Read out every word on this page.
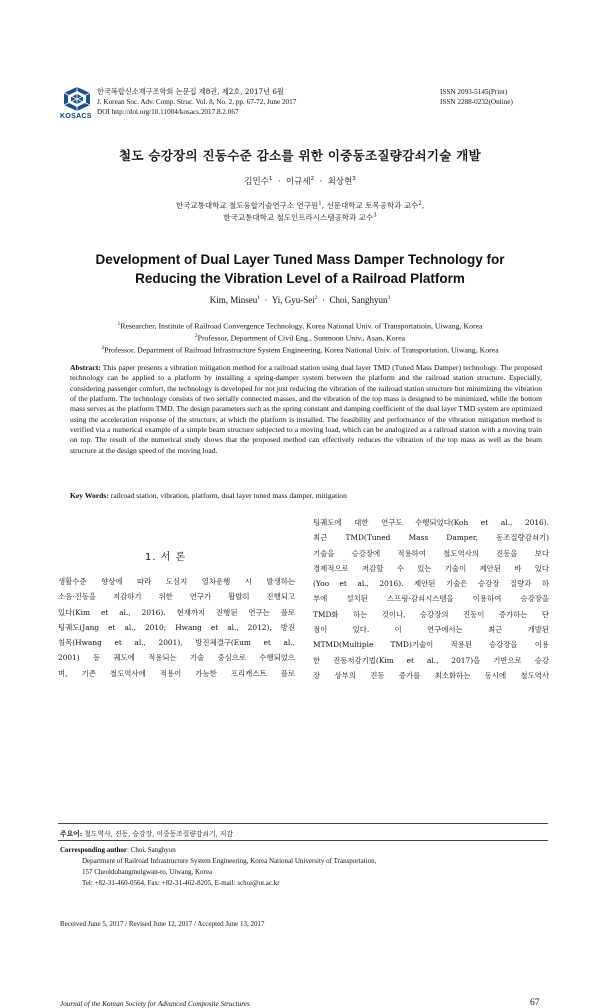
KOSACS
한국복합신소재구조학회 논문집 제8권, 제2호, 2017년 6월
J. Korean Soc. Adv. Comp. Struc. Vol. 8, No. 2, pp. 67-72, June 2017
DOI http://doi.org/10.11004/kosacs.2017.8.2.067
ISSN 2093-5145(Print)
ISSN 2288-0232(Online)
철도 승강장의 진동수준 감소를 위한 이중동조질량감쇠기술 개발
김민수$^1$ · 이규세$^2$ · 최상현$^3$
한국교통대학교 철도융합기술연구소 연구원$^1$, 선문대학교 토목공학과 교수$^2$,
한국교통대학교 철도인프라시스템공학과 교수$^3$
Development of Dual Layer Tuned Mass Damper Technology for
Reducing the Vibration Level of a Railroad Platform
Kim, Minseu$^1$ · Yi, Gyu-Sei$^2$ · Choi, Sanghyun$^3$
$^1$Researcher, Institute of Railroad Convergence Technology, Korea National Univ. of Transportatioin, Uiwang, Korea
$^2$Professor, Department of Civil Eng., Sunmoon Univ., Asan, Korea
$^3$Professor, Department of Railroad Infrastructure System Engineering, Korea National Univ. of Transportation, Uiwang, Korea
Abstract: This paper presents a vibration mitigation method for a railroad station using dual layer TMD (Tuned Mass Damper) technology. The proposed technology can be applied to a platform by installing a spring-damper system between the platform and the railroad station structure. Especially, considering passenger comfort, the technology is developed for not just reducing the vibration of the railroad station structure but minimizing the vibration of the platform. The technology consists of two serially connected masses, and the vibration of the top mass is designed to be minimized, while the bottom mass serves as the platform TMD. The design parameters such as the spring constant and damping coefficient of the dual layer TMD system are optimized using the acceleration response of the structure, at which the platform is installed. The feasibility and performance of the vibration mitigation method is verified via a numerical example of a simple beam structure subjected to a moving load, which can be analogized as a railroad station with a moving train on top. The result of the numerical study shows that the proposed method can effectively reduces the vibration of the top mass as well as the beam structure at the design speed of the moving load.
Key Words: railroad station, vibration, platform, dual layer tuned mass damper, mitigation
1. 서 론
생활수준 향상에 따라 도심지 열차운행 시 발생하는
소음·진동을 저감하기 위한 연구가 활발히 진행되고
있다(Kim et al., 2016). 현재까지 진행된 연구는 플로
팅궤도(Jang et al., 2010; Hwang et al., 2012), 방진
침목(Hwang et al., 2001), 방진체결구(Eum et al.,
2001) 등 궤도에 적용되는 기술 중심으로 수행되었으
며, 기존 철도역사에 적용이 가능한 프리캐스트 플로
팅궤도에 대한 연구도 수행되었다(Koh et al., 2016).
최근 TMD(Tuned Mass Damper, 동조질량감쇠기)
기술을 승강장에 적용하여 철도역사의 진동을 보다
경제적으로 저감할 수 있는 기술이 제안된 바 있다
(Yoo et al., 2016). 제안된 기술은 승강장 질량과 하
부에 설치된 스프링-감쇠시스템을 이용하여 승강장을
TMD화 하는 것이나, 승강장의 진동이 증가하는 단
점이 있다. 이 연구에서는 최근 개발된
MTMD(Multiple TMD)기술이 적용된 승강장을 이용
한 진동저감기법(Kim et al., 2017)을 기반으로 승강
장 상부의 진동 증가를 최소화하는 동시에 철도역사
주요어: 철도역사, 진동, 승강장, 이중동조질량감쇠기, 저감
Corresponding author: Choi, Sanghyun
Department of Railroad Infrastructure System Engineering, Korea National University of Transportation,
157 Cheoldobangmulgwan-ro, Uiwang, Korea
Tel: +82-31-460-0564, Fax: +82-31-462-8205, E-mail: schoi@ut.ac.kr
Received June 5, 2017 / Revised June 12, 2017 / Accepted June 13, 2017
Journal of the Korean Society for Advanced Composite Structures	67
